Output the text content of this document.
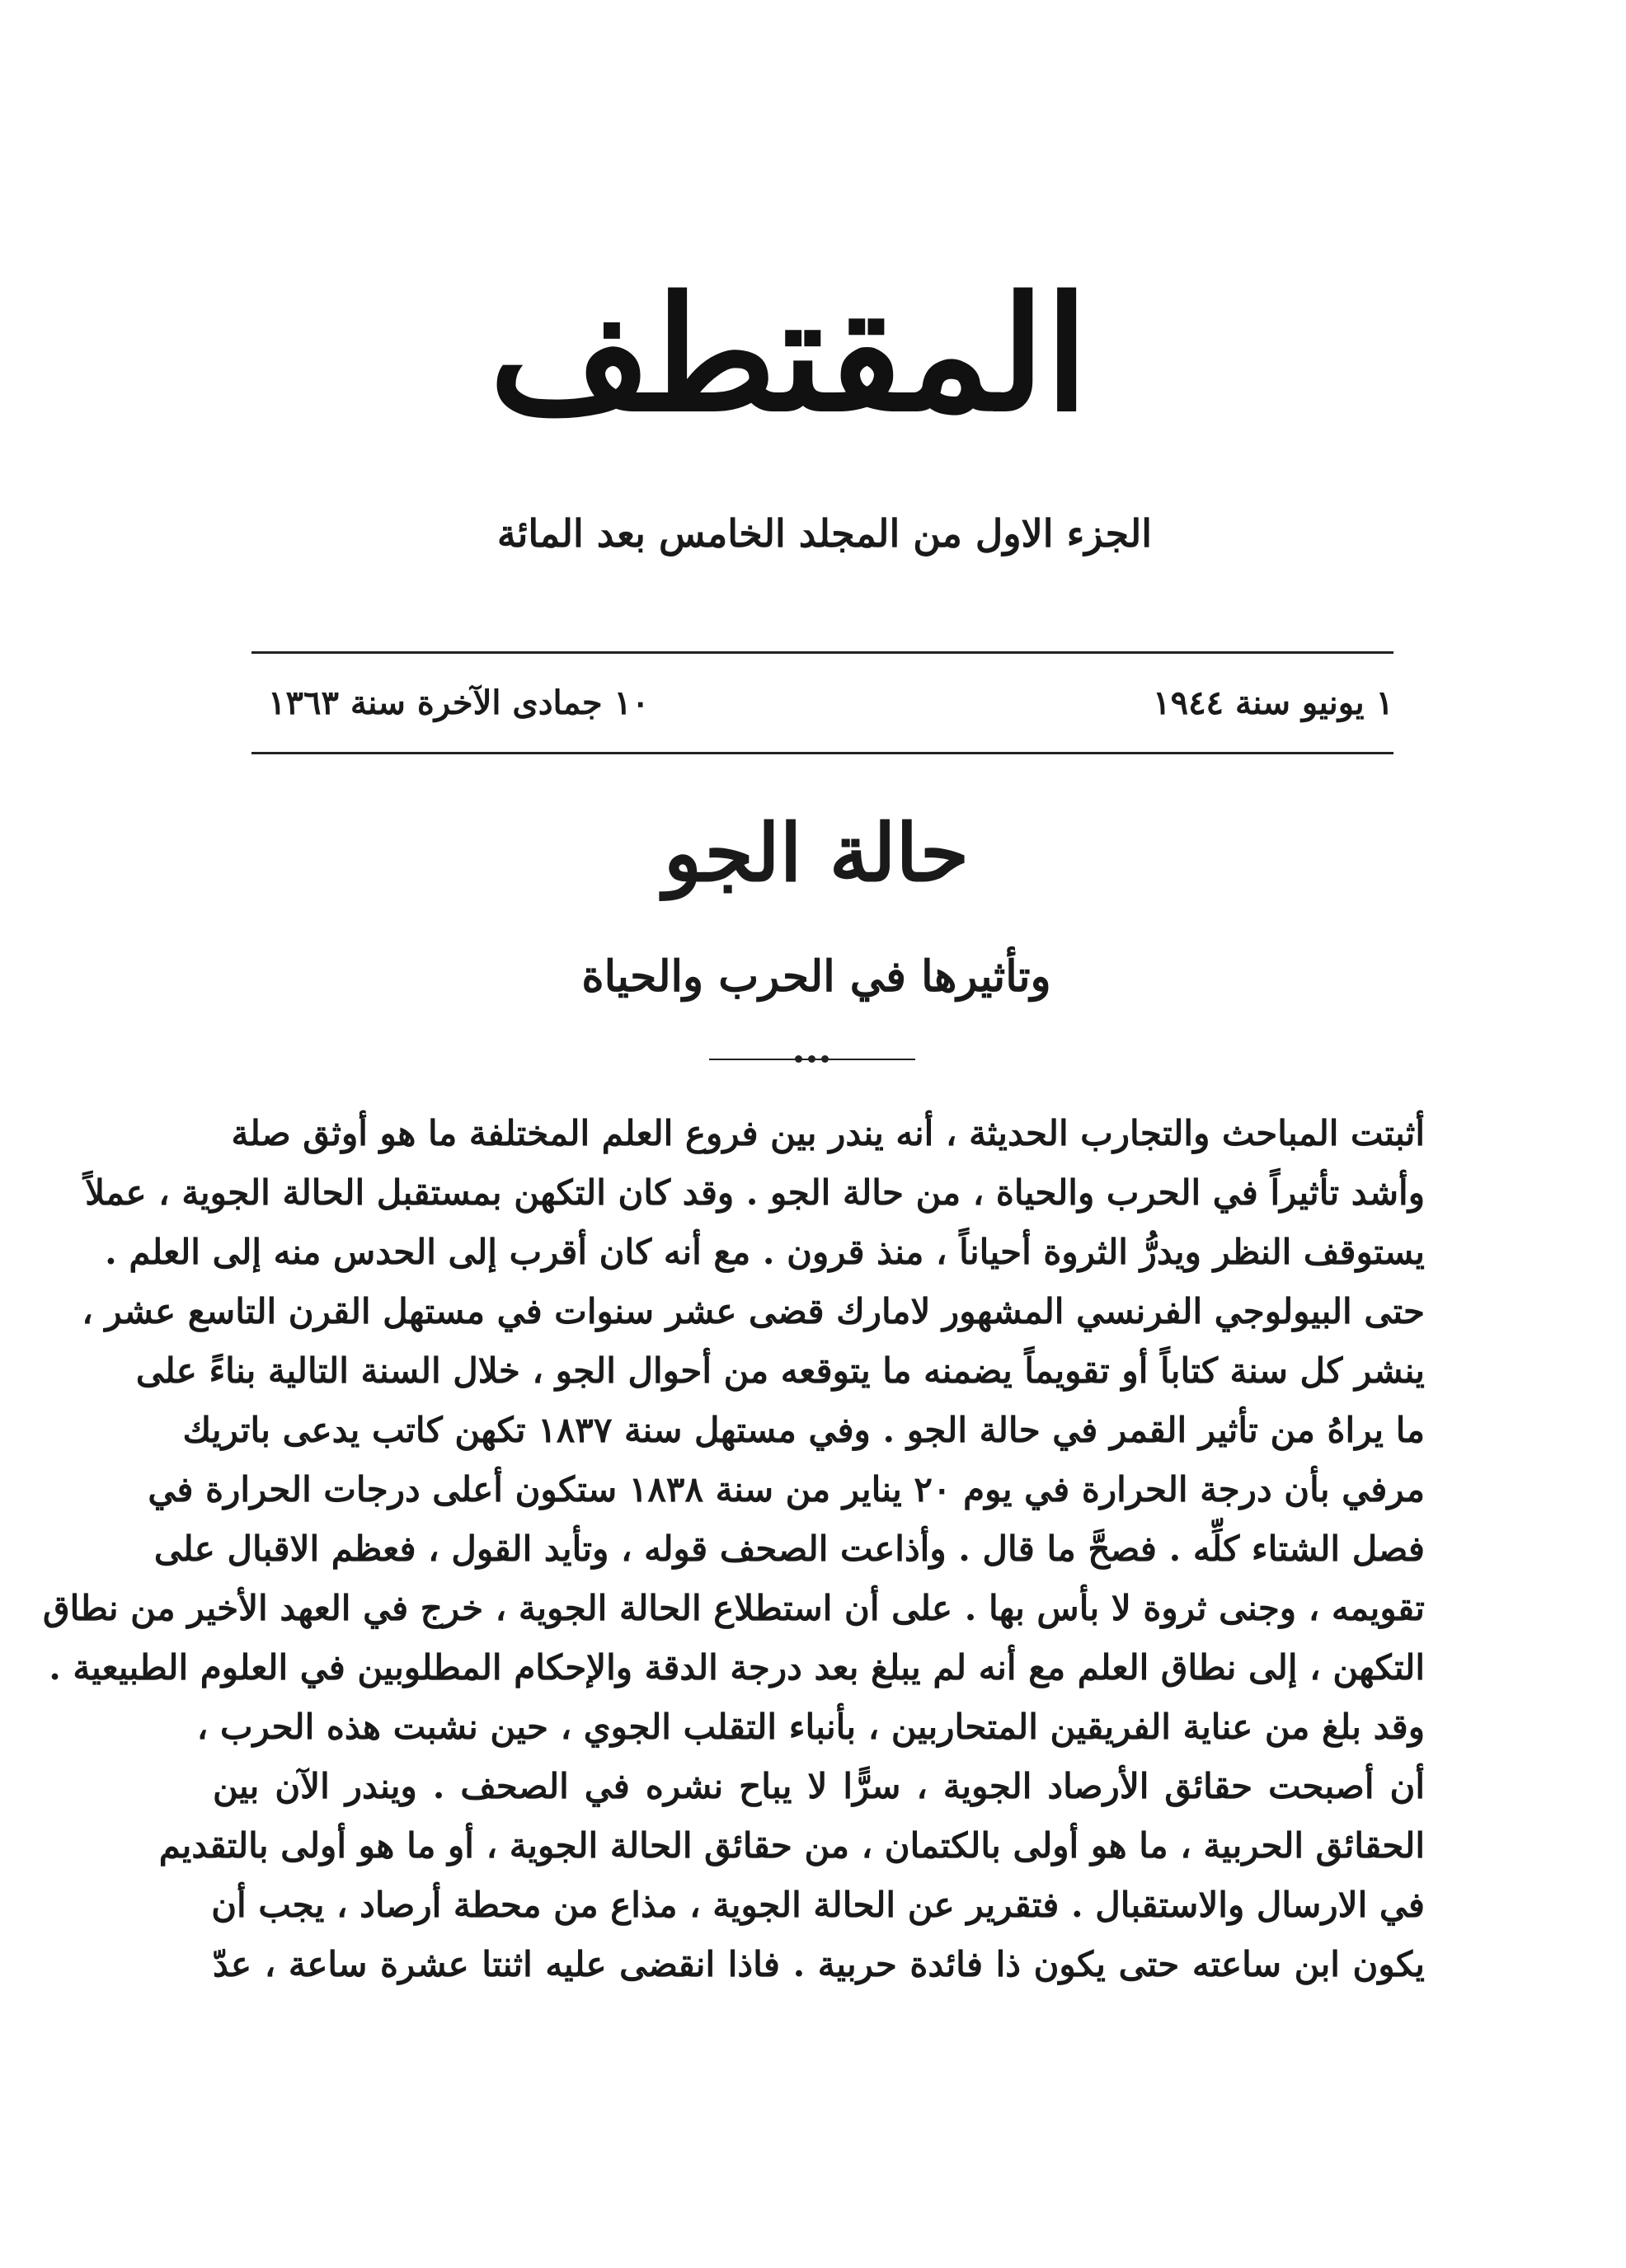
المقتطف
الجزء الاول من المجلد الخامس بعد المائة
١ يونيو سنة ١٩٤٤
١٠ جمادى الآخرة سنة ١٣٦٣
حالة الجو
وتأثيرها في الحرب والحياة
أثبتت المباحث والتجارب الحديثة ، أنه يندر بين فروع العلم المختلفة ما هو أوثق صلة
وأشد تأثيراً في الحرب والحياة ، من حالة الجو . وقد كان التكهن بمستقبل الحالة الجوية ، عملاً
يستوقف النظر ويدرُّ الثروة أحياناً ، منذ قرون . مع أنه كان أقرب إلى الحدس منه إلى العلم .
حتى البيولوجي الفرنسي المشهور لامارك قضى عشر سنوات في مستهل القرن التاسع عشر ،
ينشر كل سنة كتاباً أو تقويماً يضمنه ما يتوقعه من أحوال الجو ، خلال السنة التالية بناءً على
ما يراهُ من تأثير القمر في حالة الجو . وفي مستهل سنة ١٨٣٧ تكهن كاتب يدعى باتريك
مرفي بأن درجة الحرارة في يوم ٢٠ يناير من سنة ١٨٣٨ ستكون أعلى درجات الحرارة في
فصل الشتاء كلِّه . فصحَّ ما قال . وأذاعت الصحف قوله ، وتأيد القول ، فعظم الاقبال على
تقويمه ، وجنى ثروة لا بأس بها . على أن استطلاع الحالة الجوية ، خرج في العهد الأخير من نطاق
التكهن ، إلى نطاق العلم مع أنه لم يبلغ بعد درجة الدقة والإحكام المطلوبين في العلوم الطبيعية .
وقد بلغ من عناية الفريقين المتحاربين ، بأنباء التقلب الجوي ، حين نشبت هذه الحرب ،
أن أصبحت حقائق الأرصاد الجوية ، سرًّا لا يباح نشره في الصحف . ويندر الآن بين
الحقائق الحربية ، ما هو أولى بالكتمان ، من حقائق الحالة الجوية ، أو ما هو أولى بالتقديم
في الارسال والاستقبال . فتقرير عن الحالة الجوية ، مذاع من محطة أرصاد ، يجب أن
يكون ابن ساعته حتى يكون ذا فائدة حربية . فاذا انقضى عليه اثنتا عشرة ساعة ، عدّ
